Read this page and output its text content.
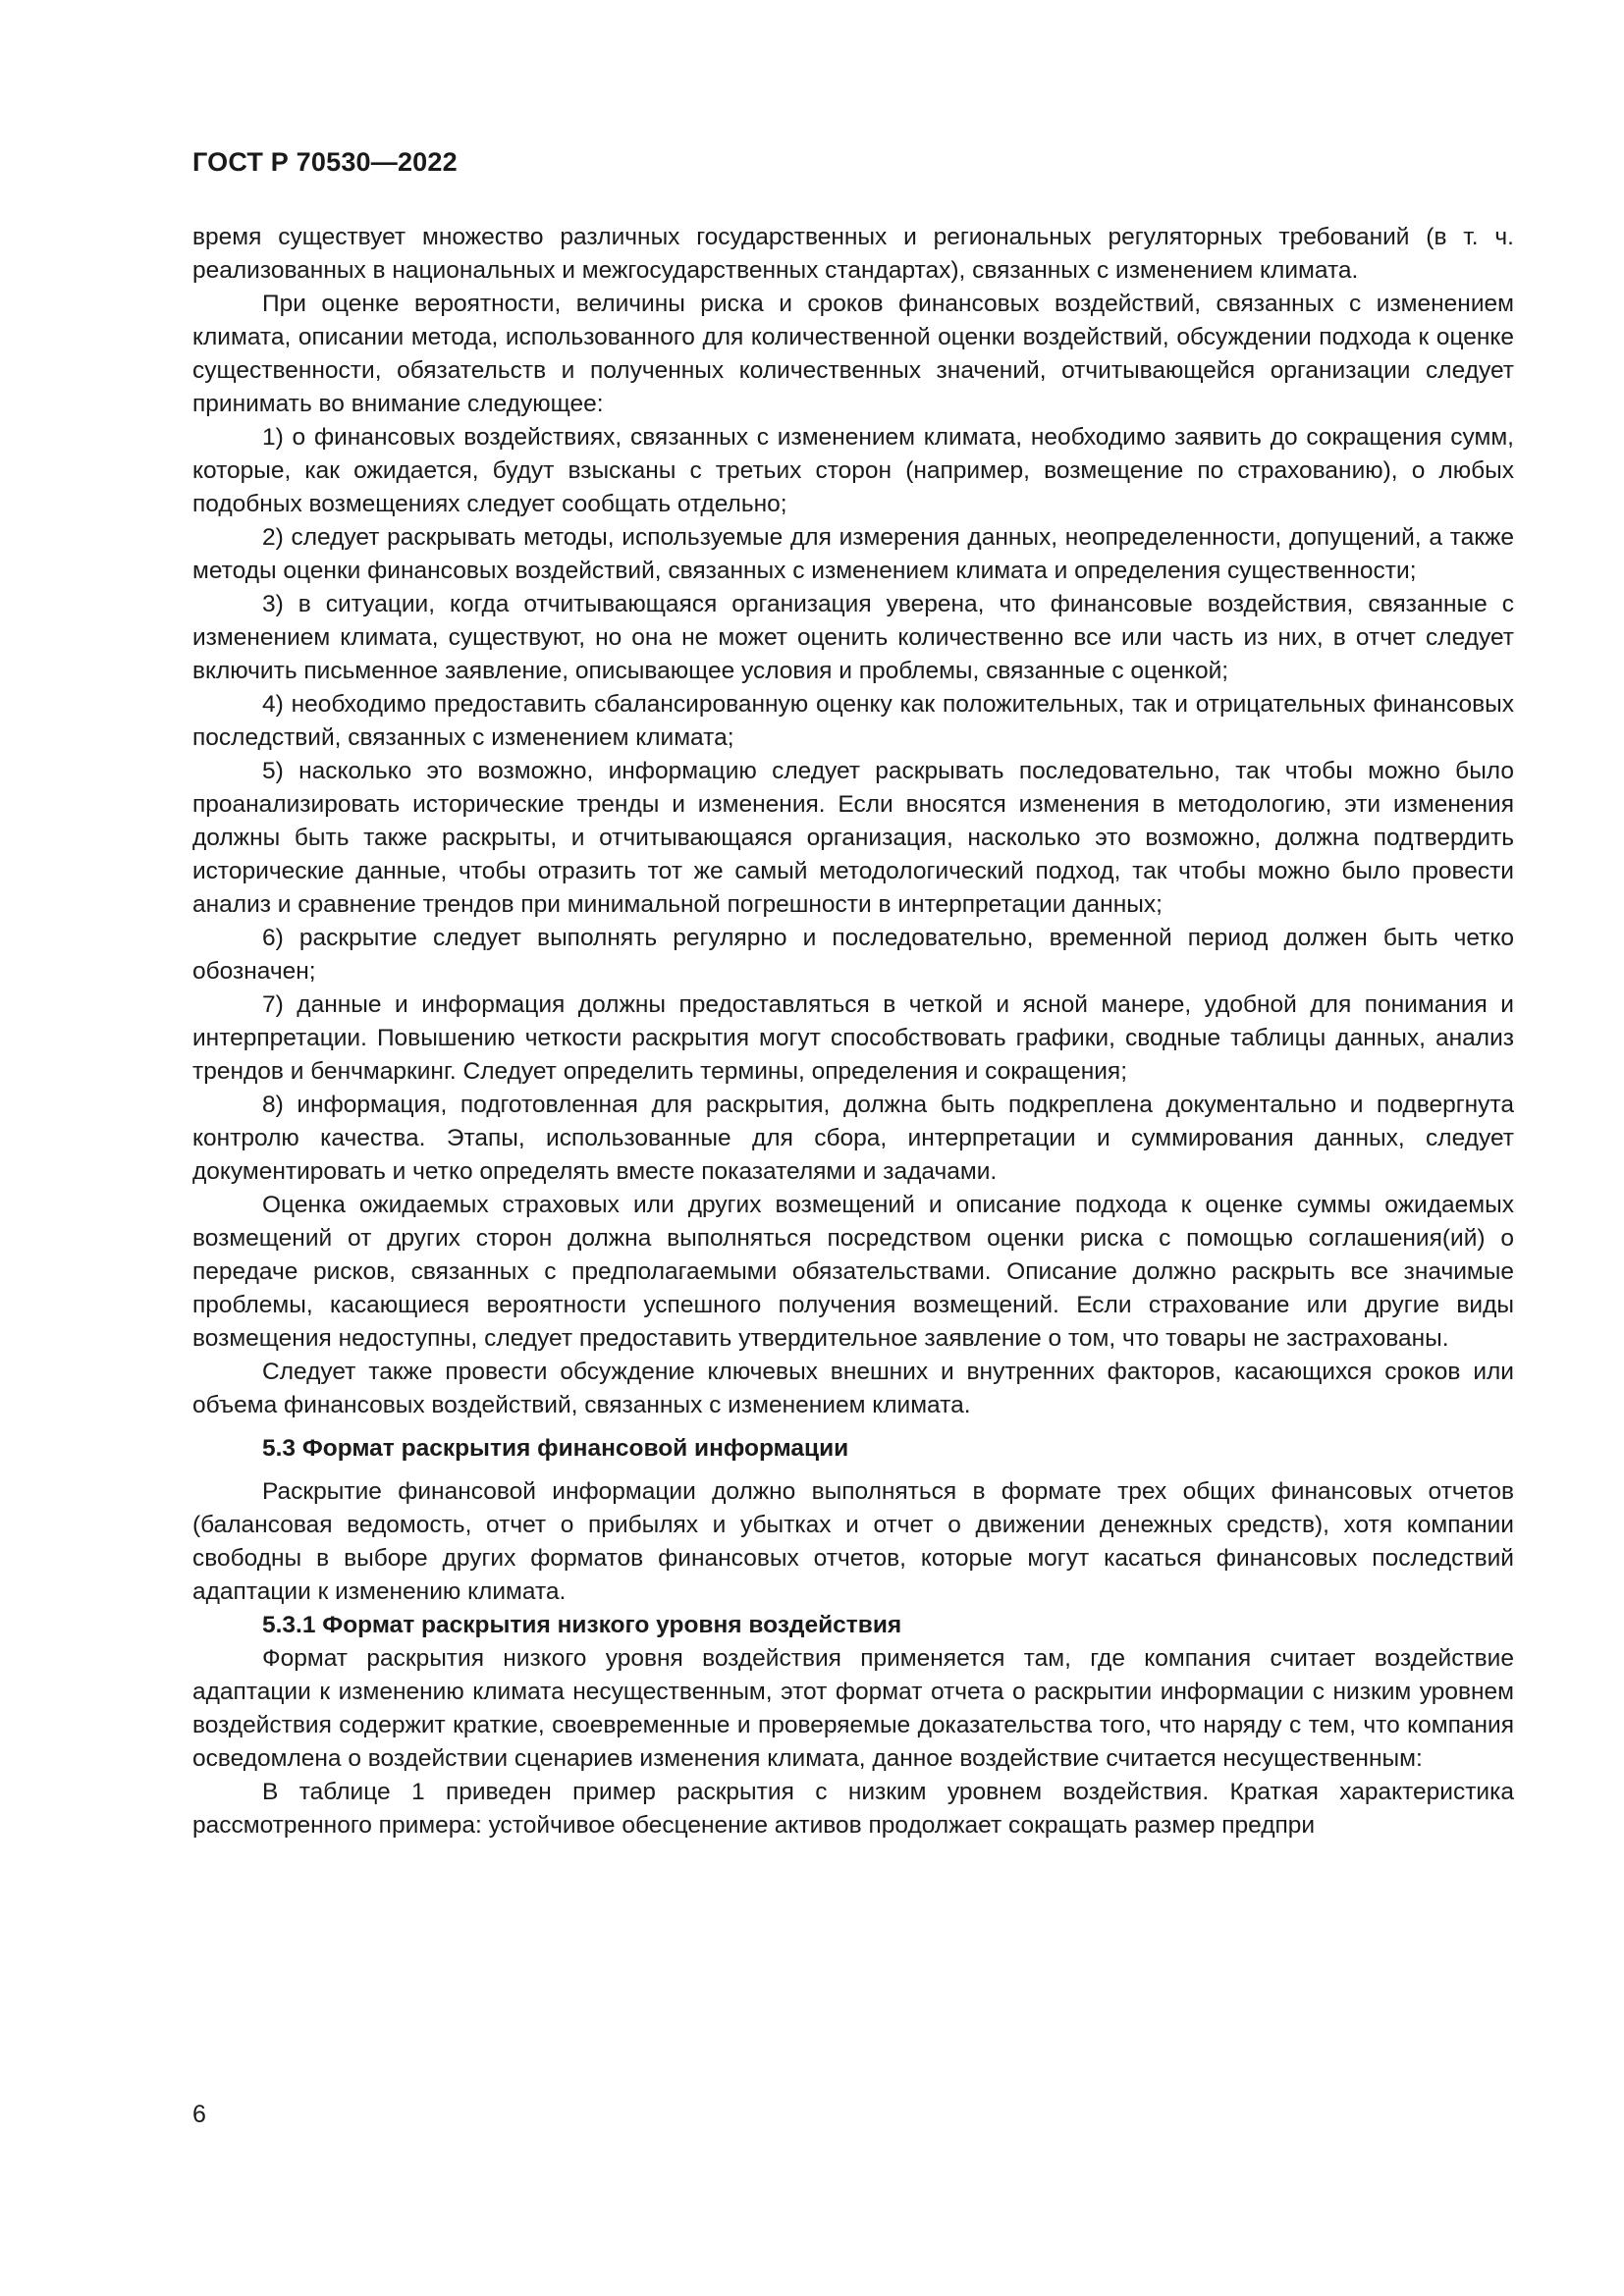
ГОСТ Р 70530—2022

время существует множество различных государственных и региональных регуляторных требований (в т. ч. реализованных в национальных и межгосударственных стандартах), связанных с изменением климата.

При оценке вероятности, величины риска и сроков финансовых воздействий, связанных с изменением климата, описании метода, использованного для количественной оценки воздействий, обсуждении подхода к оценке существенности, обязательств и полученных количественных значений, отчитывающейся организации следует принимать во внимание следующее:

1) о финансовых воздействиях, связанных с изменением климата, необходимо заявить до сокращения сумм, которые, как ожидается, будут взысканы с третьих сторон (например, возмещение по страхованию), о любых подобных возмещениях следует сообщать отдельно;

2) следует раскрывать методы, используемые для измерения данных, неопределенности, допущений, а также методы оценки финансовых воздействий, связанных с изменением климата и определения существенности;

3) в ситуации, когда отчитывающаяся организация уверена, что финансовые воздействия, связанные с изменением климата, существуют, но она не может оценить количественно все или часть из них, в отчет следует включить письменное заявление, описывающее условия и проблемы, связанные с оценкой;

4) необходимо предоставить сбалансированную оценку как положительных, так и отрицательных финансовых последствий, связанных с изменением климата;

5) насколько это возможно, информацию следует раскрывать последовательно, так чтобы можно было проанализировать исторические тренды и изменения. Если вносятся изменения в методологию, эти изменения должны быть также раскрыты, и отчитывающаяся организация, насколько это возможно, должна подтвердить исторические данные, чтобы отразить тот же самый методологический подход, так чтобы можно было провести анализ и сравнение трендов при минимальной погрешности в интерпретации данных;

6) раскрытие следует выполнять регулярно и последовательно, временной период должен быть четко обозначен;

7) данные и информация должны предоставляться в четкой и ясной манере, удобной для понимания и интерпретации. Повышению четкости раскрытия могут способствовать графики, сводные таблицы данных, анализ трендов и бенчмаркинг. Следует определить термины, определения и сокращения;

8) информация, подготовленная для раскрытия, должна быть подкреплена документально и подвергнута контролю качества. Этапы, использованные для сбора, интерпретации и суммирования данных, следует документировать и четко определять вместе показателями и задачами.

Оценка ожидаемых страховых или других возмещений и описание подхода к оценке суммы ожидаемых возмещений от других сторон должна выполняться посредством оценки риска с помощью соглашения(ий) о передаче рисков, связанных с предполагаемыми обязательствами. Описание должно раскрыть все значимые проблемы, касающиеся вероятности успешного получения возмещений. Если страхование или другие виды возмещения недоступны, следует предоставить утвердительное заявление о том, что товары не застрахованы.

Следует также провести обсуждение ключевых внешних и внутренних факторов, касающихся сроков или объема финансовых воздействий, связанных с изменением климата.

5.3 Формат раскрытия финансовой информации

Раскрытие финансовой информации должно выполняться в формате трех общих финансовых отчетов (балансовая ведомость, отчет о прибылях и убытках и отчет о движении денежных средств), хотя компании свободны в выборе других форматов финансовых отчетов, которые могут касаться финансовых последствий адаптации к изменению климата.

5.3.1 Формат раскрытия низкого уровня воздействия

Формат раскрытия низкого уровня воздействия применяется там, где компания считает воздействие адаптации к изменению климата несущественным, этот формат отчета о раскрытии информации с низким уровнем воздействия содержит краткие, своевременные и проверяемые доказательства того, что наряду с тем, что компания осведомлена о воздействии сценариев изменения климата, данное воздействие считается несущественным:

В таблице 1 приведен пример раскрытия с низким уровнем воздействия. Краткая характеристика рассмотренного примера: устойчивое обесценение активов продолжает сокращать размер предпри

6
